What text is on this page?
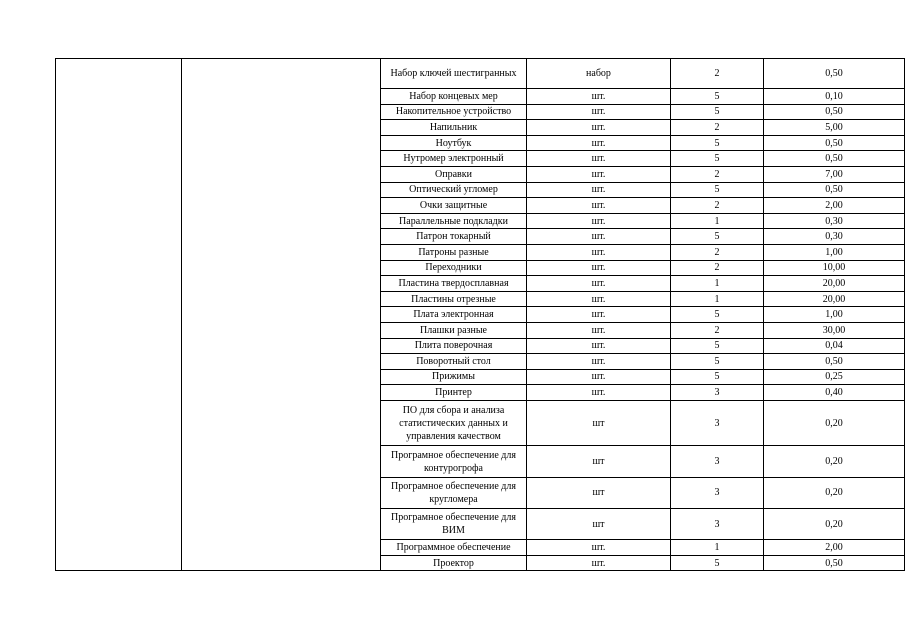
		Набор ключей шестигранных	набор	2	0,50
		Набор концевых мер	шт.	5	0,10
		Накопительное устройство	шт.	5	0,50
		Напильник	шт.	2	5,00
		Ноутбук	шт.	5	0,50
		Нутромер электронный	шт.	5	0,50
		Оправки	шт.	2	7,00
		Оптический угломер	шт.	5	0,50
		Очки защитные	шт.	2	2,00
		Параллельные подкладки	шт.	1	0,30
		Патрон токарный	шт.	5	0,30
		Патроны разные	шт.	2	1,00
		Переходники	шт.	2	10,00
		Пластина твердосплавная	шт.	1	20,00
		Пластины отрезные	шт.	1	20,00
		Плата электронная	шт.	5	1,00
		Плашки разные	шт.	2	30,00
		Плита поверочная	шт.	5	0,04
		Поворотный стол	шт.	5	0,50
		Прижимы	шт.	5	0,25
		Принтер	шт.	3	0,40
		ПО для сбора и анализа статистических данных и управления качеством	шт	3	0,20
		Програмное обеспечение для контурогрофа	шт	3	0,20
		Програмное обеспечение для кругломера	шт	3	0,20
		Програмное обеспечение для ВИМ	шт	3	0,20
		Программное обеспечение	шт.	1	2,00
		Проектор	шт.	5	0,50
